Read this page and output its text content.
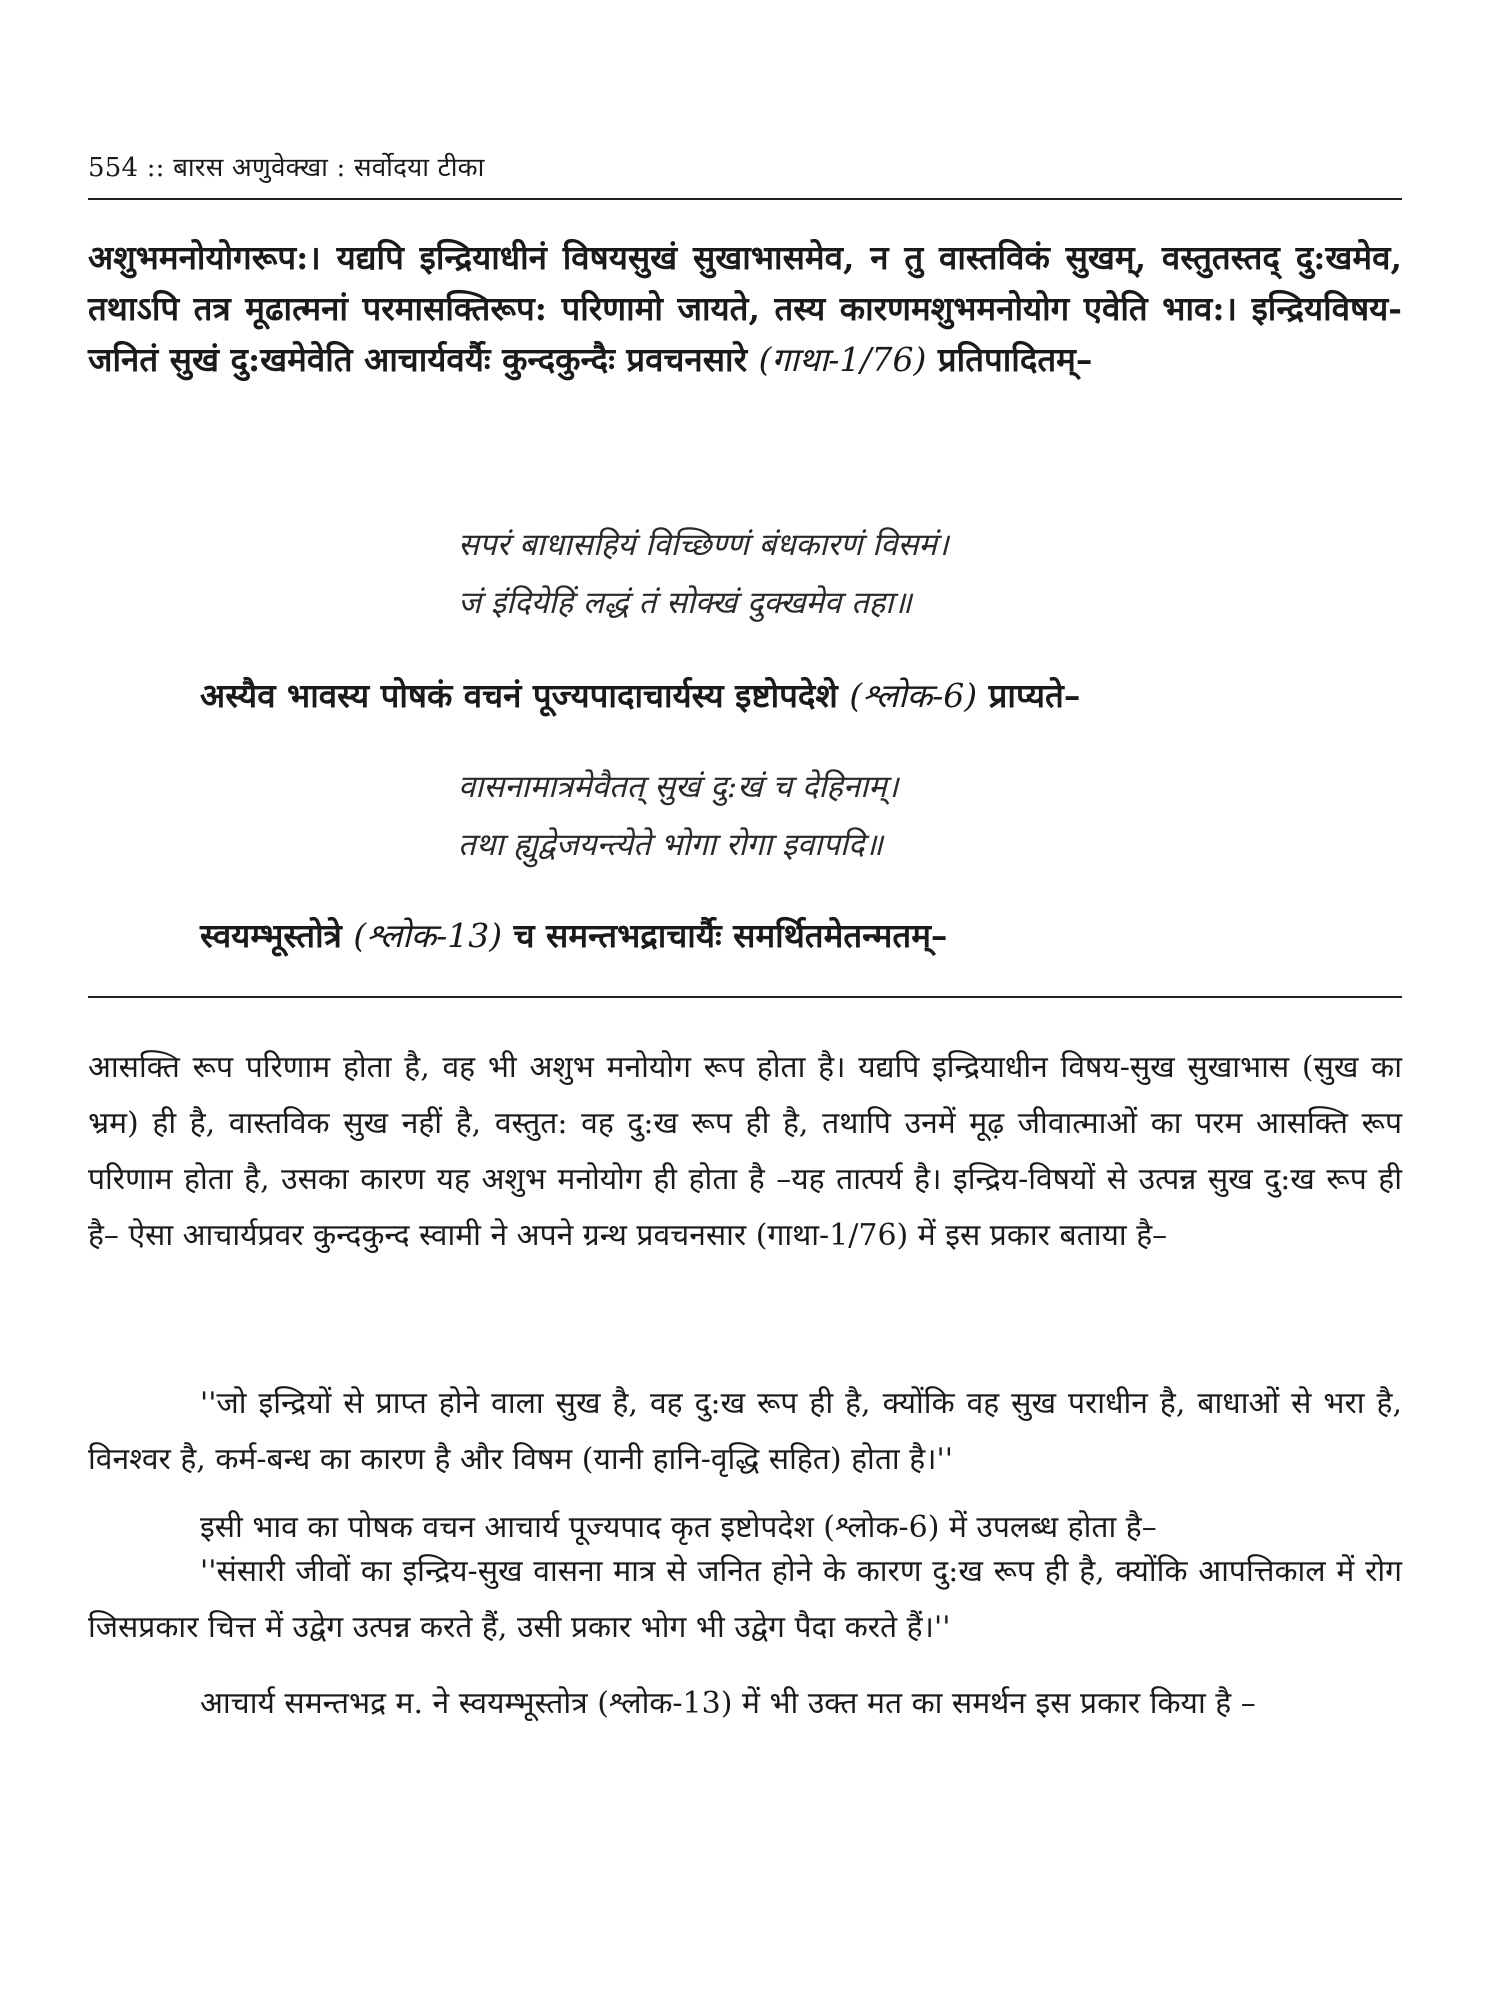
554 :: बारस अणुवेक्खा : सर्वोदया टीका
अशुभमनोयोगरूप:। यद्यपि इन्द्रियाधीनं विषयसुखं सुखाभासमेव, न तु वास्तविकं सुखम्, वस्तुतस्तद् दु:खमेव, तथाऽपि तत्र मूढात्मनां परमासक्तिरूप: परिणामो जायते, तस्य कारणमशुभमनोयोग एवेति भाव:। इन्द्रियविषय-जनितं सुखं दु:खमेवेति आचार्यवर्यैः कुन्दकुन्दैः प्रवचनसारे (गाथा-1/76) प्रतिपादितम्–
सपरं बाधासहियं विच्छिण्णं बंधकारणं विसमं।
जं इंदियेहिं लद्धं तं सोक्खं दुक्खमेव तहा॥
अस्यैव भावस्य पोषकं वचनं पूज्यपादाचार्यस्य इष्टोपदेशे (श्लोक-6) प्राप्यते–
वासनामात्रमेवैतत् सुखं दु:खं च देहिनाम्।
तथा ह्युद्वेजयन्त्येते भोगा रोगा इवापदि॥
स्वयम्भूस्तोत्रे (श्लोक-13) च समन्तभद्राचार्यैः समर्थितमेतन्मतम्–
आसक्ति रूप परिणाम होता है, वह भी अशुभ मनोयोग रूप होता है। यद्यपि इन्द्रियाधीन विषय-सुख सुखाभास (सुख का भ्रम) ही है, वास्तविक सुख नहीं है, वस्तुत: वह दु:ख रूप ही है, तथापि उनमें मूढ़ जीवात्माओं का परम आसक्ति रूप परिणाम होता है, उसका कारण यह अशुभ मनोयोग ही होता है –यह तात्पर्य है। इन्द्रिय-विषयों से उत्पन्न सुख दु:ख रूप ही है– ऐसा आचार्यप्रवर कुन्दकुन्द स्वामी ने अपने ग्रन्थ प्रवचनसार (गाथा-1/76) में इस प्रकार बताया है–
''जो इन्द्रियों से प्राप्त होने वाला सुख है, वह दु:ख रूप ही है, क्योंकि वह सुख पराधीन है, बाधाओं से भरा है, विनश्वर है, कर्म-बन्ध का कारण है और विषम (यानी हानि-वृद्धि सहित) होता है।''
इसी भाव का पोषक वचन आचार्य पूज्यपाद कृत इष्टोपदेश (श्लोक-6) में उपलब्ध होता है–
''संसारी जीवों का इन्द्रिय-सुख वासना मात्र से जनित होने के कारण दु:ख रूप ही है, क्योंकि आपत्तिकाल में रोग जिसप्रकार चित्त में उद्वेग उत्पन्न करते हैं, उसी प्रकार भोग भी उद्वेग पैदा करते हैं।''
आचार्य समन्तभद्र म. ने स्वयम्भूस्तोत्र (श्लोक-13) में भी उक्त मत का समर्थन इस प्रकार किया है –
